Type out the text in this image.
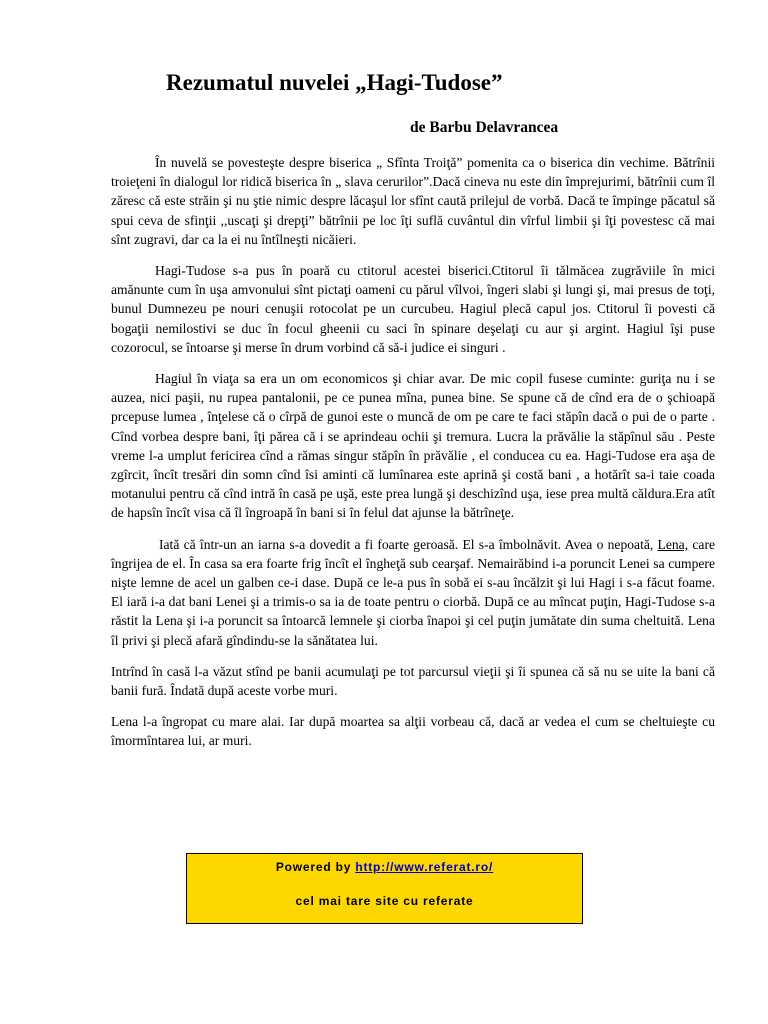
Rezumatul nuvelei „Hagi-Tudose”
de Barbu Delavrancea

În nuvelă se povesteşte despre biserica „ Sfînta Troiţă” pomenita ca o biserica din vechime. Bătrînii troieţeni în dialogul lor ridică biserica în „ slava cerurilor”.Dacă cineva nu este din împrejurimi, bătrînii cum îl zăresc că este străin şi nu ştie nimic despre lăcaşul lor sfînt caută prilejul de vorbă. Dacă te împinge păcatul să spui ceva de sfinţii ,,uscaţi şi drepţi” bătrînii pe loc îţi suflă cuvântul din vîrful limbii şi îţi povestesc că mai sînt zugravi, dar ca la ei nu întîlneşti nicăieri.

Hagi-Tudose s-a pus în poară cu ctitorul acestei biserici.Ctitorul îi tălmăcea zugrăviile în mici amănunte cum în uşa amvonului sînt pictaţi oameni cu părul vîlvoi, îngeri slabi şi lungi şi, mai presus de toţi, bunul Dumnezeu pe nouri cenuşii rotocolat pe un curcubeu. Hagiul plecă capul jos. Ctitorul îi povesti că bogaţii nemilostivi se duc în focul gheenii cu saci în spinare deşelaţi cu aur şi argint. Hagiul îşi puse cozorocul, se întoarse şi merse în drum vorbind că să-i judice ei singuri .

Hagiul în viaţa sa era un om economicos şi chiar avar. De mic copil fusese cuminte: guriţa nu i se auzea, nici paşii, nu rupea pantalonii, pe ce punea mîna, punea bine. Se spune că de cînd era de o şchioapă prcepuse lumea , înţelese că o cîrpă de gunoi este o muncă de om pe care te faci stăpîn dacă o pui de o parte . Cînd vorbea despre bani, îţi părea că i se aprindeau ochii şi tremura. Lucra la prăvălie la stăpînul său . Peste vreme l-a umplut fericirea cînd a rămas singur stăpîn în prăvălie , el conducea cu ea. Hagi-Tudose era aşa de zgîrcit, încît tresări din somn cînd îsi aminti că lumînarea este aprină şi costă bani , a hotărît sa-i taie coada motanului pentru că cînd intră în casă pe uşă, este prea lungă şi deschizînd uşa, iese prea multă căldura.Era atît de hapsîn încît visa că îl îngroapă în bani si în felul dat ajunse la bătrîneţe.

Iată că într-un an iarna s-a dovedit a fi foarte geroasă. El s-a îmbolnăvit. Avea o nepoată, Lena, care îngrijea de el. În casa sa era foarte frig încît el îngheţă sub cearşaf. Nemairăbind i-a poruncit Lenei sa cumpere nişte lemne de acel un galben ce-i dase. După ce le-a pus în sobă ei s-au încălzit şi lui Hagi i s-a făcut foame. El iară i-a dat bani Lenei şi a trimis-o sa ia de toate pentru o ciorbă. După ce au mîncat puţin, Hagi-Tudose s-a răstit la Lena şi i-a poruncit sa întoarcă lemnele şi ciorba înapoi şi cel puţin jumătate din suma cheltuită. Lena îl privi şi plecă afară gîndindu-se la sănătatea lui.

Intrînd în casă l-a văzut stînd pe banii acumulaţi pe tot parcursul vieţii şi îi spunea că să nu se uite la bani că banii fură. Îndată după aceste vorbe muri.

Lena l-a îngropat cu mare alai. Iar după moartea sa alţii vorbeau că, dacă ar vedea el cum se cheltuieşte cu îmormîntarea lui, ar muri.

Powered by http://www.referat.ro/
cel mai tare site cu referate
